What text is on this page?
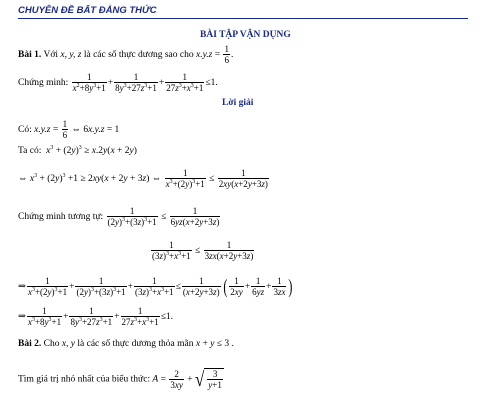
CHUYÊN ĐỀ BẤT ĐẲNG THỨC
BÀI TẬP VẬN DỤNG
Bài 1. Với x, y, z là các số thực dương sao cho $x.y.z = \frac{1}{6}$ .
Chứng minh: $\frac{1}{x^2+8y^3+1} + \frac{1}{8y^3+27z^3+1} + \frac{1}{27z^3+x^3+1} \le 1$.
Lời giải
Có: $x.y.z = \frac{1}{6}$ ⇔ 6x.y.z = 1
Ta có: $x^3 + (2y)^3 \ge x.2y(x + 2y)$
⇔ $x^3 + (2y)^3 +1 \ge 2xy(x + 2y + 3z)$ ⇔ $\frac{1}{x^3+(2y)^3+1} \le \frac{1}{2xy(x+2y+3z)}$
Chứng minh tương tự: $\frac{1}{(2y)^3+(3z)^3+1} \le \frac{1}{6yz(x+2y+3z)}$
$\frac{1}{(3z)^3+x^3+1} \le \frac{1}{3zx(x+2y+3z)}$
⇒ $\frac{1}{x^3+(2y)^3+1} + \frac{1}{(2y)^3+(3z)^3+1} + \frac{1}{(3z)^3+x^3+1} \le \frac{1}{(x+2y+3z)}$ ( $\frac{1}{2xy} + \frac{1}{6yz} + \frac{1}{3zx}$ )
⇒ $\frac{1}{x^3+8y^3+1} + \frac{1}{8y^3+27z^3+1} + \frac{1}{27z^3+x^3+1} \le 1$.
Bài 2. Cho x, y là các số thực dương thỏa mãn x + y ≤ 3 .
Tìm giá trị nhỏ nhất của biểu thức: $A = \frac{2}{3xy}$ + √ $\frac{3}{y+1}$
